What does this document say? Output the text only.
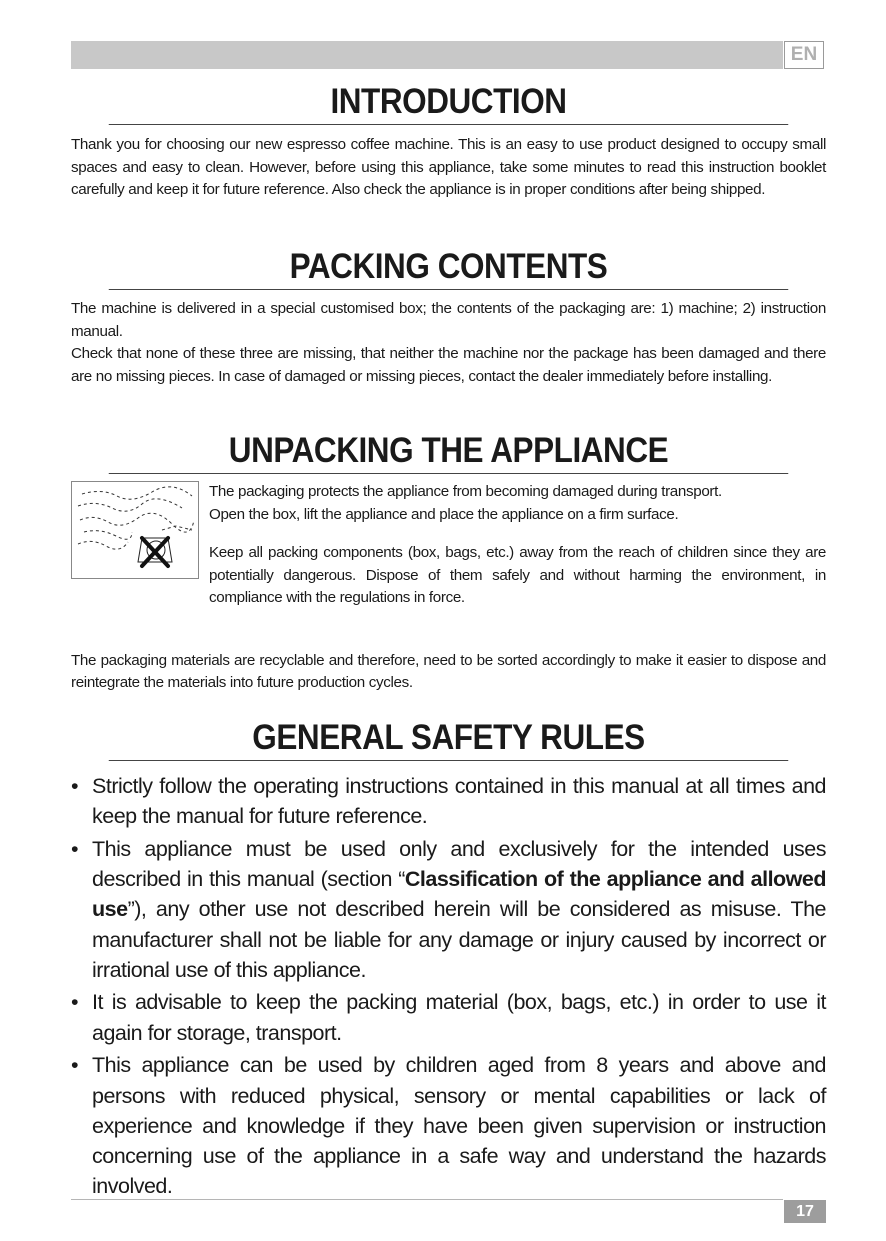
EN
INTRODUCTION

Thank you for choosing our new espresso coffee machine. This is an easy to use product designed to occupy small spaces and easy to clean. However, before using this appliance, take some minutes to read this instruction booklet carefully and keep it for future reference. Also check the appliance is in proper conditions after being shipped.

PACKING CONTENTS

The machine is delivered in a special customised box; the contents of the packaging are: 1) machine; 2) instruction manual.

Check that none of these three are missing, that neither the machine nor the package has been damaged and there are no missing pieces. In case of damaged or missing pieces, contact the dealer immediately before installing.

UNPACKING THE APPLIANCE

The packaging protects the appliance from becoming damaged during transport.

Open the box, lift the appliance and place the appliance on a firm surface.

Keep all packing components (box, bags, etc.) away from the reach of children since they are potentially dangerous. Dispose of them safely and without harming the environment, in compliance with the regulations in force.

The packaging materials are recyclable and therefore, need to be sorted accordingly to make it easier to dispose and reintegrate the materials into future production cycles.

GENERAL SAFETY RULES
• Strictly follow the operating instructions contained in this manual at all times and keep the manual for future reference.
• This appliance must be used only and exclusively for the intended uses described in this manual (section “Classification of the appliance and allowed use”), any other use not described herein will be considered as misuse. The manufacturer shall not be liable for any damage or injury caused by incorrect or irrational use of this appliance.
• It is advisable to keep the packing material (box, bags, etc.) in order to use it again for storage, transport.
• This appliance can be used by children aged from 8 years and above and persons with reduced physical, sensory or mental capabilities or lack of experience and knowledge if they have been given supervision or instruction concerning use of the appliance in a safe way and understand the hazards involved.
17
